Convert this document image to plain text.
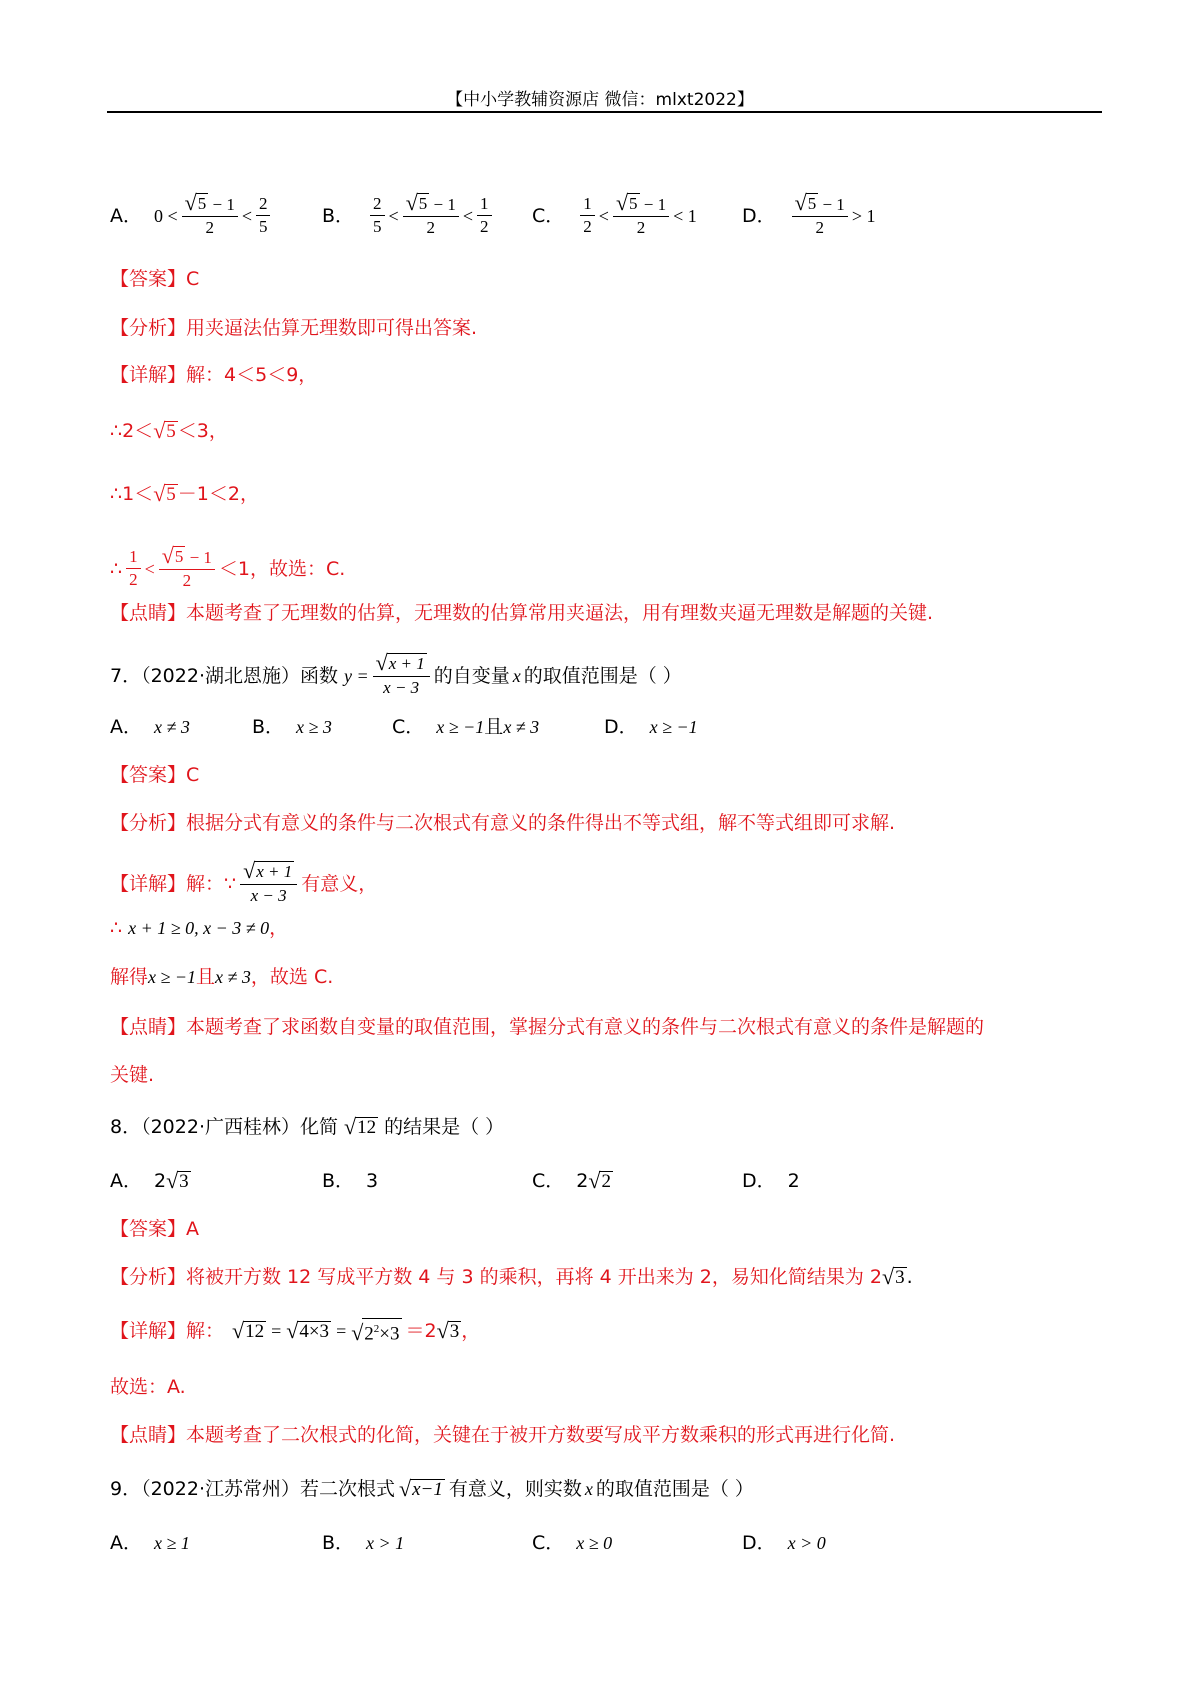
【中小学教辅资源店 微信：mlxt2022】
A． $0 < \frac{√ 5 - 1}{2} < \frac{2}{5}$	B． $\frac{2}{5} < \frac{√ 5 - 1}{2} < \frac{1}{2}$ C． $\frac{1}{2} < \frac{√ 5 - 1}{2} < 1$ D． $\frac{√ 5 - 1}{2} > 1$
【答案】C
【分析】用夹逼法估算无理数即可得出答案.
【详解】 解：4＜5＜9，
∴ 2＜ √ 5 ＜3，
∴ 1＜ √ 5 －1＜2，
∴ $\frac{1}{2} < \frac{√ 5 - 1}{2} <1$，故选：C.
【点睛】本题考查了无理数的估算，无理数的估算常用夹逼法，用有理数夹逼无理数是解题的关键.
7．（2022·湖北恩施）函数 $y = \frac{√ x + 1}{x - 3}$ 的自变量 x 的取值范围是（ ）
A． x ≠ 3	B． x ≥ 3	C． x ≥ −1 且 x ≠ 3	D． x ≥ −1
【答案】C
【分析】根据分式有意义的条件与二次根式有意义的条件得出不等式组，解不等式组即可求解.
【详解】 解：∵ $\frac{√ x + 1}{x - 3}$ 有意义，
∴ x + 1 ≥ 0, x − 3 ≠ 0 ，
解得 x ≥ −1 且 x ≠ 3 ，故选 C.
【点睛】本题考查了求函数自变量的取值范围，掌握分式有意义的条件与二次根式有意义的条件是解题的
关键.
8．（2022·广西桂林）化简 √ 12 的结果是（ ）
A． 2 √ 3	B． 3	C． 2 √ 2	D． 2
【答案】A
【分析】将被开方数 12 写成平方数 4 与 3 的乘积，再将 4 开出来为 2，易知化简结果为 2 √ 3 .
【详解】 解： √ 12 = √ 4×3 = √ $2^2\times 3 =2$ √ 3 ，
故选：A.
【点睛】本题考查了二次根式的化简，关键在于被开方数要写成平方数乘积的形式再进行化简.
9．（2022·江苏常州）若二次根式 √ x−1 有意义，则实数 x 的取值范围是（ ）
A． x ≥ 1	B． x > 1	C． x ≥ 0	D． x > 0
